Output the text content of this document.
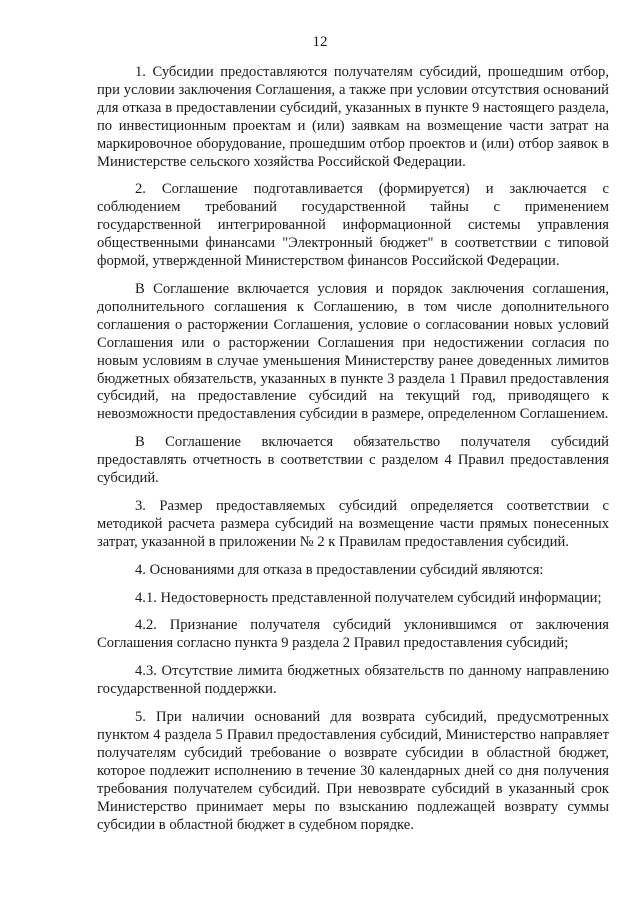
12

1. Субсидии предоставляются получателям субсидий, прошедшим отбор, при условии заключения Соглашения, а также при условии отсутствия оснований для отказа в предоставлении субсидий, указанных в пункте 9 настоящего раздела, по инвестиционным проектам и (или) заявкам на возмещение части затрат на маркировочное оборудование, прошедшим отбор проектов и (или) отбор заявок в Министерстве сельского хозяйства Российской Федерации.

2. Соглашение подготавливается (формируется) и заключается с соблюдением требований государственной тайны с применением государственной интегрированной информационной системы управления общественными финансами "Электронный бюджет" в соответствии с типовой формой, утвержденной Министерством финансов Российской Федерации.

В Соглашение включается условия и порядок заключения соглашения, дополнительного соглашения к Соглашению, в том числе дополнительного соглашения о расторжении Соглашения, условие о согласовании новых условий Соглашения или о расторжении Соглашения при недостижении согласия по новым условиям в случае уменьшения Министерству ранее доведенных лимитов бюджетных обязательств, указанных в пункте 3 раздела 1 Правил предоставления субсидий, на предоставление субсидий на текущий год, приводящего к невозможности предоставления субсидии в размере, определенном Соглашением.

В Соглашение включается обязательство получателя субсидий предоставлять отчетность в соответствии с разделом 4 Правил предоставления субсидий.

3. Размер предоставляемых субсидий определяется соответствии с методикой расчета размера субсидий на возмещение части прямых понесенных затрат, указанной в приложении № 2 к Правилам предоставления субсидий.

4. Основаниями для отказа в предоставлении субсидий являются:

4.1. Недостоверность представленной получателем субсидий информации;

4.2. Признание получателя субсидий уклонившимся от заключения Соглашения согласно пункта 9 раздела 2 Правил предоставления субсидий;

4.3. Отсутствие лимита бюджетных обязательств по данному направлению государственной поддержки.

5. При наличии оснований для возврата субсидий, предусмотренных пунктом 4 раздела 5 Правил предоставления субсидий, Министерство направляет получателям субсидий требование о возврате субсидии в областной бюджет, которое подлежит исполнению в течение 30 календарных дней со дня получения требования получателем субсидий. При невозврате субсидий в указанный срок Министерство принимает меры по взысканию подлежащей возврату суммы субсидии в областной бюджет в судебном порядке.
